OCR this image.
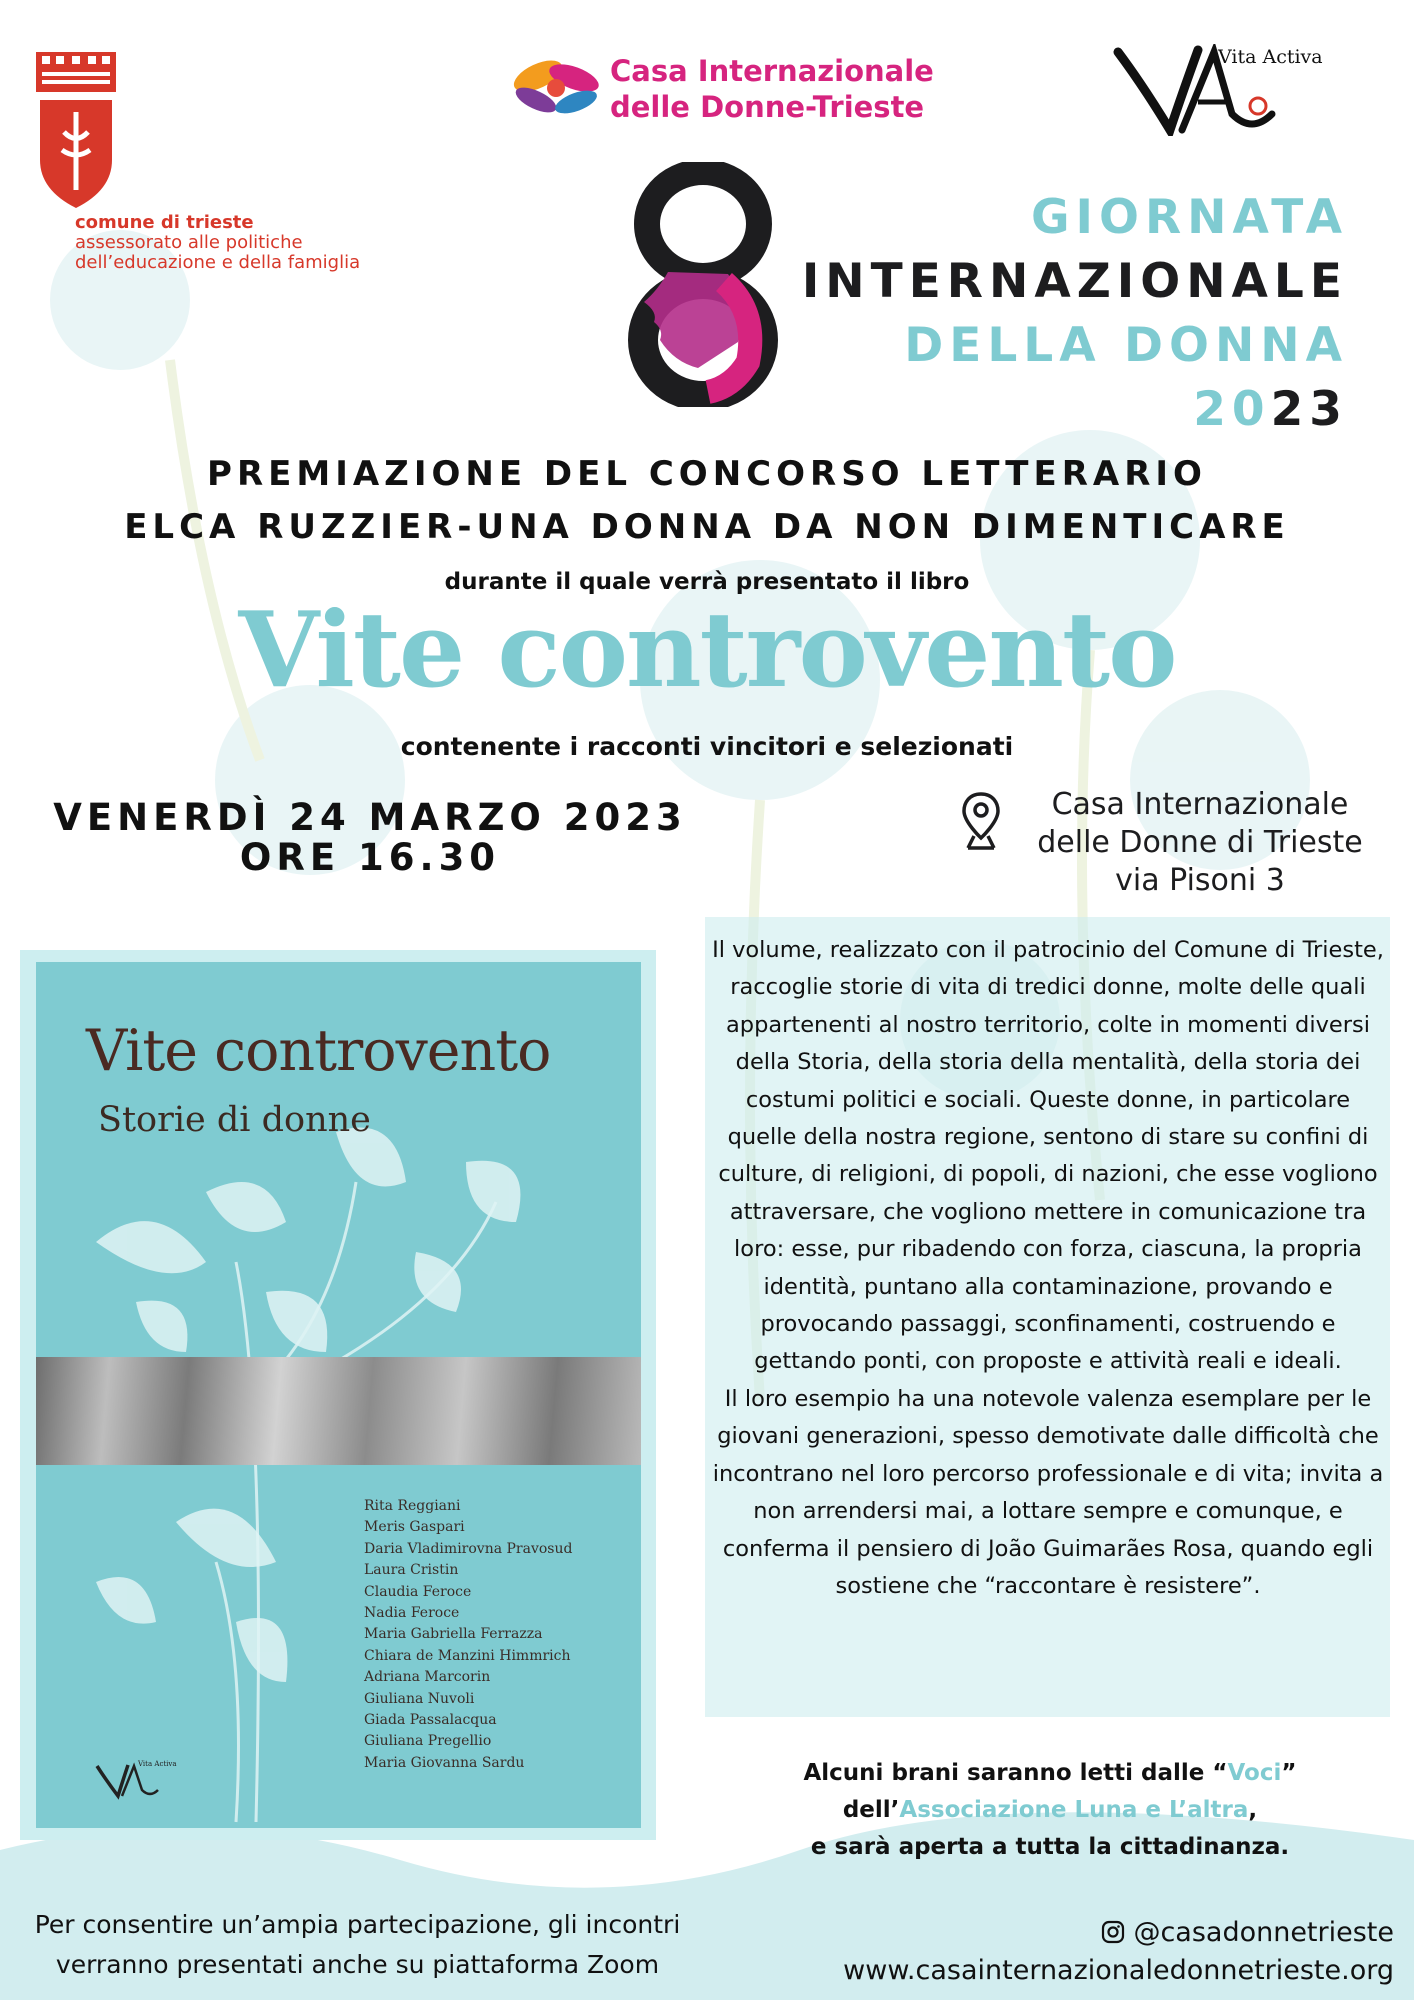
comune di trieste
assessorato alle politiche
dell’educazione e della famiglia
Casa Internazionale
delle Donne-Trieste
Vita Activa
GIORNATA
INTERNAZIONALE
DELLA DONNA
2023
PREMIAZIONE DEL CONCORSO LETTERARIO
ELCA RUZZIER-UNA DONNA DA NON DIMENTICARE
durante il quale verrà presentato il libro
Vite controvento
contenente i racconti vincitori e selezionati
VENERDÌ 24 MARZO 2023
ORE 16.30
Casa Internazionale
delle Donne di Trieste
via Pisoni 3
Vite controvento
Storie di donne
Rita Reggiani
Meris Gaspari
Daria Vladimirovna Pravosud
Laura Cristin
Claudia Feroce
Nadia Feroce
Maria Gabriella Ferrazza
Chiara de Manzini Himmrich
Adriana Marcorin
Giuliana Nuvoli
Giada Passalacqua
Giuliana Pregellio
Maria Giovanna Sardu
Vita Activa
Il volume, realizzato con il patrocinio del Comune di Trieste, raccoglie storie di vita di tredici donne, molte delle quali appartenenti al nostro territorio, colte in momenti diversi della Storia, della storia della mentalità, della storia dei costumi politici e sociali. Queste donne, in particolare quelle della nostra regione, sentono di stare su confini di culture, di religioni, di popoli, di nazioni, che esse vogliono attraversare, che vogliono mettere in comunicazione tra loro: esse, pur ribadendo con forza, ciascuna, la propria identità, puntano alla contaminazione, provando e provocando passaggi, sconfinamenti, costruendo e gettando ponti, con proposte e attività reali e ideali.
Il loro esempio ha una notevole valenza esemplare per le giovani generazioni, spesso demotivate dalle difficoltà che incontrano nel loro percorso professionale e di vita; invita a non arrendersi mai, a lottare sempre e comunque, e conferma il pensiero di João Guimarães Rosa, quando egli sostiene che “raccontare è resistere”.
Alcuni brani saranno letti dalle “Voci”
dell’Associazione Luna e L’altra,
e sarà aperta a tutta la cittadinanza.
Per consentire un’ampia partecipazione, gli incontri
verranno presentati anche su piattaforma Zoom
@casadonnetrieste
www.casainternazionaledonnetrieste.org
